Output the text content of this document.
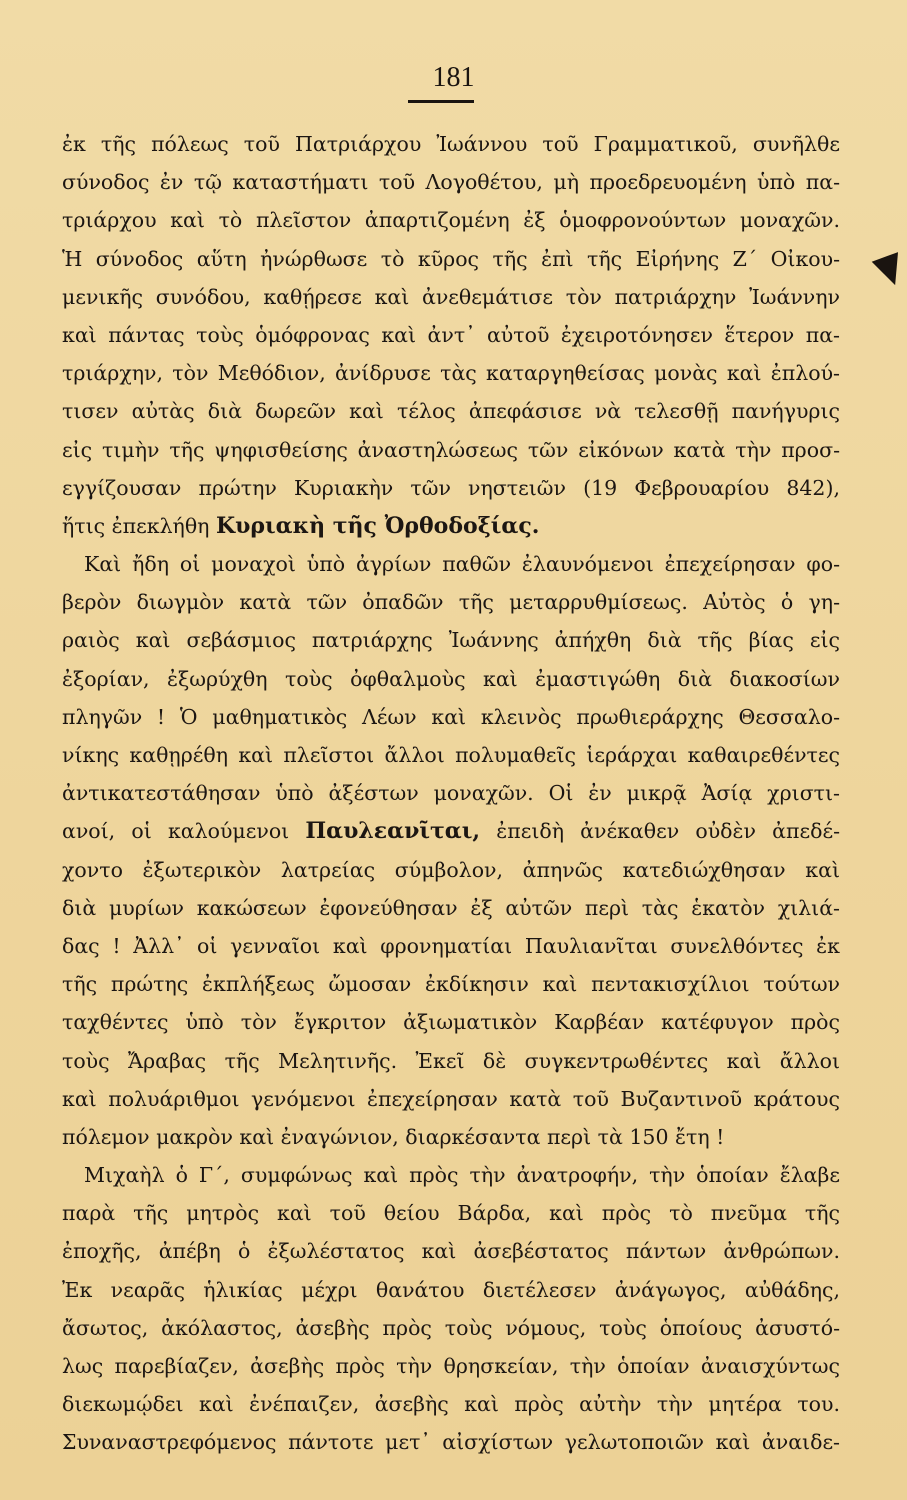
181
ἐκ τῆς πόλεως τοῦ Πατριάρχου Ἰωάννου τοῦ Γραμματικοῦ, συνῆλθε
σύνοδος ἐν τῷ καταστήματι τοῦ Λογοθέτου, μὴ προεδρευομένη ὑπὸ πα-
τριάρχου καὶ τὸ πλεῖστον ἀπαρτιζομένη ἐξ ὁμοφρονούντων μοναχῶν.
Ἡ σύνοδος αὕτη ἠνώρθωσε τὸ κῦρος τῆς ἐπὶ τῆς Εἰρήνης Ζ΄ Οἰκου-
μενικῆς συνόδου, καθῄρεσε καὶ ἀνεθεμάτισε τὸν πατριάρχην Ἰωάννην
καὶ πάντας τοὺς ὁμόφρονας καὶ ἀντ᾽ αὐτοῦ ἐχειροτόνησεν ἕτερον πα-
τριάρχην, τὸν Μεθόδιον, ἀνίδρυσε τὰς καταργηθείσας μονὰς καὶ ἐπλού-
τισεν αὐτὰς διὰ δωρεῶν καὶ τέλος ἀπεφάσισε νὰ τελεσθῇ πανήγυρις
εἰς τιμὴν τῆς ψηφισθείσης ἀναστηλώσεως τῶν εἰκόνων κατὰ τὴν προσ-
εγγίζουσαν πρώτην Κυριακὴν τῶν νηστειῶν (19 Φεβρουαρίου 842),
ἥτις ἐπεκλήθη Κυριακὴ τῆς Ὀρθοδοξίας.
Καὶ ἤδη οἱ μοναχοὶ ὑπὸ ἀγρίων παθῶν ἐλαυνόμενοι ἐπεχείρησαν φο-
βερὸν διωγμὸν κατὰ τῶν ὀπαδῶν τῆς μεταρρυθμίσεως. Αὐτὸς ὁ γη-
ραιὸς καὶ σεβάσμιος πατριάρχης Ἰωάννης ἀπήχθη διὰ τῆς βίας εἰς
ἐξορίαν, ἐξωρύχθη τοὺς ὀφθαλμοὺς καὶ ἐμαστιγώθη διὰ διακοσίων
πληγῶν ! Ὁ μαθηματικὸς Λέων καὶ κλεινὸς πρωθιεράρχης Θεσσαλο-
νίκης καθῃρέθη καὶ πλεῖστοι ἄλλοι πολυμαθεῖς ἱεράρχαι καθαιρεθέντες
ἀντικατεστάθησαν ὑπὸ ἀξέστων μοναχῶν. Οἱ ἐν μικρᾷ Ἀσίᾳ χριστι-
ανοί, οἱ καλούμενοι Παυλεανῖται, ἐπειδὴ ἀνέκαθεν οὐδὲν ἀπεδέ-
χοντο ἐξωτερικὸν λατρείας σύμβολον, ἀπηνῶς κατεδιώχθησαν καὶ
διὰ μυρίων κακώσεων ἐφονεύθησαν ἐξ αὐτῶν περὶ τὰς ἑκατὸν χιλιά-
δας ! Ἀλλ᾽ οἱ γενναῖοι καὶ φρονηματίαι Παυλιανῖται συνελθόντες ἐκ
τῆς πρώτης ἐκπλήξεως ὤμοσαν ἐκδίκησιν καὶ πεντακισχίλιοι τούτων
ταχθέντες ὑπὸ τὸν ἔγκριτον ἀξιωματικὸν Καρβέαν κατέφυγον πρὸς
τοὺς Ἄραβας τῆς Μελητινῆς. Ἐκεῖ δὲ συγκεντρωθέντες καὶ ἄλλοι
καὶ πολυάριθμοι γενόμενοι ἐπεχείρησαν κατὰ τοῦ Βυζαντινοῦ κράτους
πόλεμον μακρὸν καὶ ἐναγώνιον, διαρκέσαντα περὶ τὰ 150 ἔτη !
Μιχαὴλ ὁ Γ΄, συμφώνως καὶ πρὸς τὴν ἀνατροφήν, τὴν ὁποίαν ἔλαβε
παρὰ τῆς μητρὸς καὶ τοῦ θείου Βάρδα, καὶ πρὸς τὸ πνεῦμα τῆς
ἐποχῆς, ἀπέβη ὁ ἐξωλέστατος καὶ ἀσεβέστατος πάντων ἀνθρώπων.
Ἐκ νεαρᾶς ἡλικίας μέχρι θανάτου διετέλεσεν ἀνάγωγος, αὐθάδης,
ἄσωτος, ἀκόλαστος, ἀσεβὴς πρὸς τοὺς νόμους, τοὺς ὁποίους ἀσυστό-
λως παρεβίαζεν, ἀσεβὴς πρὸς τὴν θρησκείαν, τὴν ὁποίαν ἀναισχύντως
διεκωμῴδει καὶ ἐνέπαιζεν, ἀσεβὴς καὶ πρὸς αὐτὴν τὴν μητέρα του.
Συναναστρεφόμενος πάντοτε μετ᾽ αἰσχίστων γελωτοποιῶν καὶ ἀναιδε-
